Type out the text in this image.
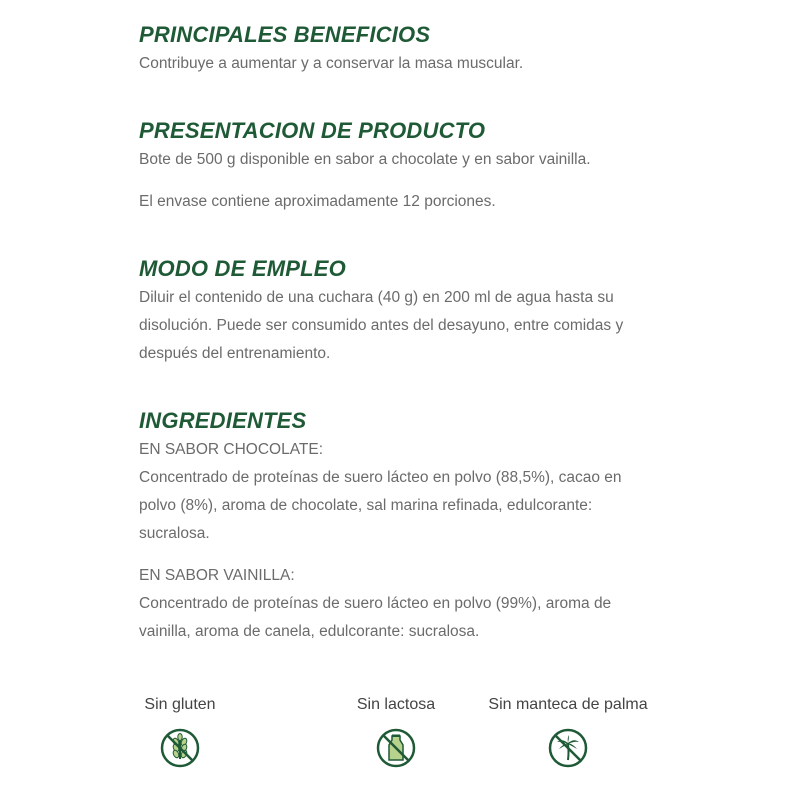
PRINCIPALES BENEFICIOS

Contribuye a aumentar y a conservar la masa muscular.

PRESENTACION DE PRODUCTO

Bote de 500 g disponible en sabor a chocolate y en sabor vainilla.

El envase contiene aproximadamente 12 porciones.

MODO DE EMPLEO

Diluir el contenido de una cuchara (40 g) en 200 ml de agua hasta su

disolución. Puede ser consumido antes del desayuno, entre comidas y

después del entrenamiento.

INGREDIENTES

EN SABOR CHOCOLATE:

Concentrado de proteínas de suero lácteo en polvo (88,5%), cacao en

polvo (8%), aroma de chocolate, sal marina refinada, edulcorante:

sucralosa.

EN SABOR VAINILLA:

Concentrado de proteínas de suero lácteo en polvo (99%), aroma de

vainilla, aroma de canela, edulcorante: sucralosa.

Sin gluten	Sin lactosa	Sin manteca de palma
